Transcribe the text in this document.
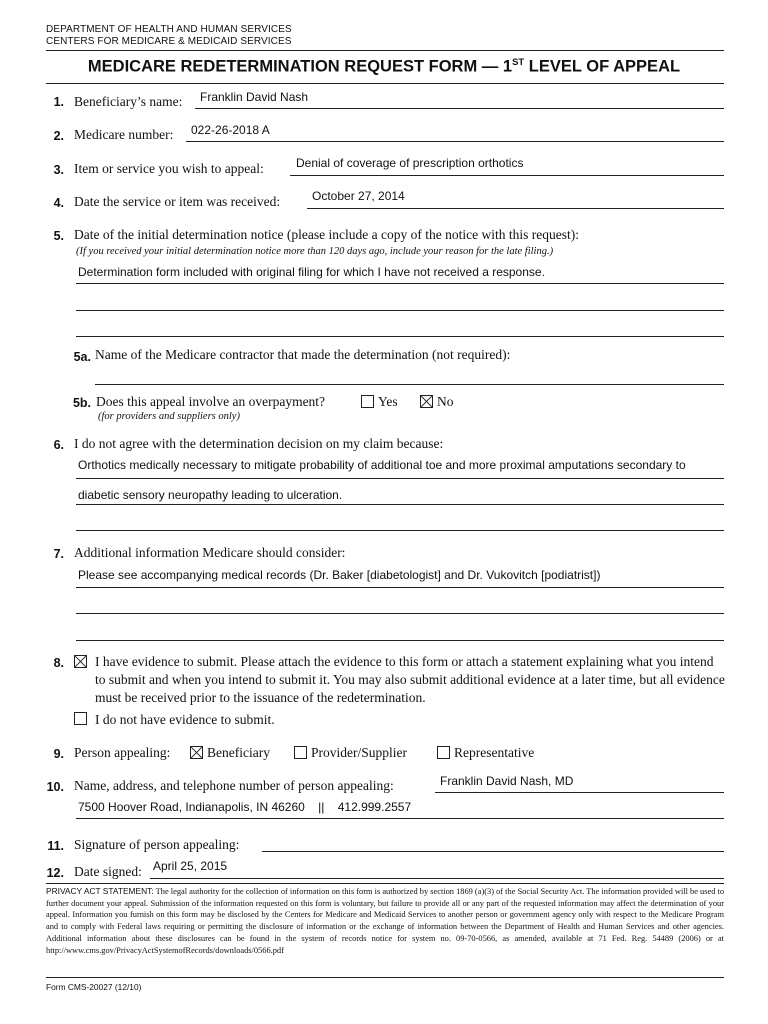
DEPARTMENT OF HEALTH AND HUMAN SERVICES
CENTERS FOR MEDICARE & MEDICAID SERVICES
MEDICARE REDETERMINATION REQUEST FORM — 1ST LEVEL OF APPEAL
1. Beneficiary’s name: Franklin David Nash
2. Medicare number: 022-26-2018 A
3. Item or service you wish to appeal:	Denial of coverage of prescription orthotics
4. Date the service or item was received:	October 27, 2014
5. Date of the initial determination notice (please include a copy of the notice with this request):
(If you received your initial determination notice more than 120 days ago, include your reason for the late filing.)
Determination form included with original filing for which I have not received a response.
5a. Name of the Medicare contractor that made the determination (not required):
5b. Does this appeal involve an overpayment?	Yes	No
(for providers and suppliers only)
6. I do not agree with the determination decision on my claim because:
Orthotics medically necessary to mitigate probability of additional toe and more proximal amputations secondary to
diabetic sensory neuropathy leading to ulceration.
7. Additional information Medicare should consider:
Please see accompanying medical records (Dr. Baker [diabetologist] and Dr. Vukovitch [podiatrist])
8. I have evidence to submit. Please attach the evidence to this form or attach a statement explaining what you intend to submit and when you intend to submit it. You may also submit additional evidence at a later time, but all evidence must be received prior to the issuance of the redetermination.
I do not have evidence to submit.
9. Person appealing:	Beneficiary	Provider/Supplier	Representative
10. Name, address, and telephone number of person appealing:	Franklin David Nash, MD
7500 Hoover Road, Indianapolis, IN 46260    ||    412.999.2557
11. Signature of person appealing:
12. Date signed: April 25, 2015
PRIVACY ACT STATEMENT: The legal authority for the collection of information on this form is authorized by section 1869 (a)(3) of the Social Security Act. The information provided will be used to further document your appeal. Submission of the information requested on this form is voluntary, but failure to provide all or any part of the requested information may affect the determination of your appeal. Information you furnish on this form may be disclosed by the Centers for Medicare and Medicaid Services to another person or government agency only with respect to the Medicare Program and to comply with Federal laws requiring or permitting the disclosure of information or the exchange of information between the Department of Health and Human Services and other agencies. Additional information about these disclosures can be found in the system of records notice for system no. 09-70-0566, as amended, available at 71 Fed. Reg. 54489 (2006) or at http://www.cms.gov/PrivacyActSystemofRecords/downloads/0566.pdf
Form CMS-20027 (12/10)
